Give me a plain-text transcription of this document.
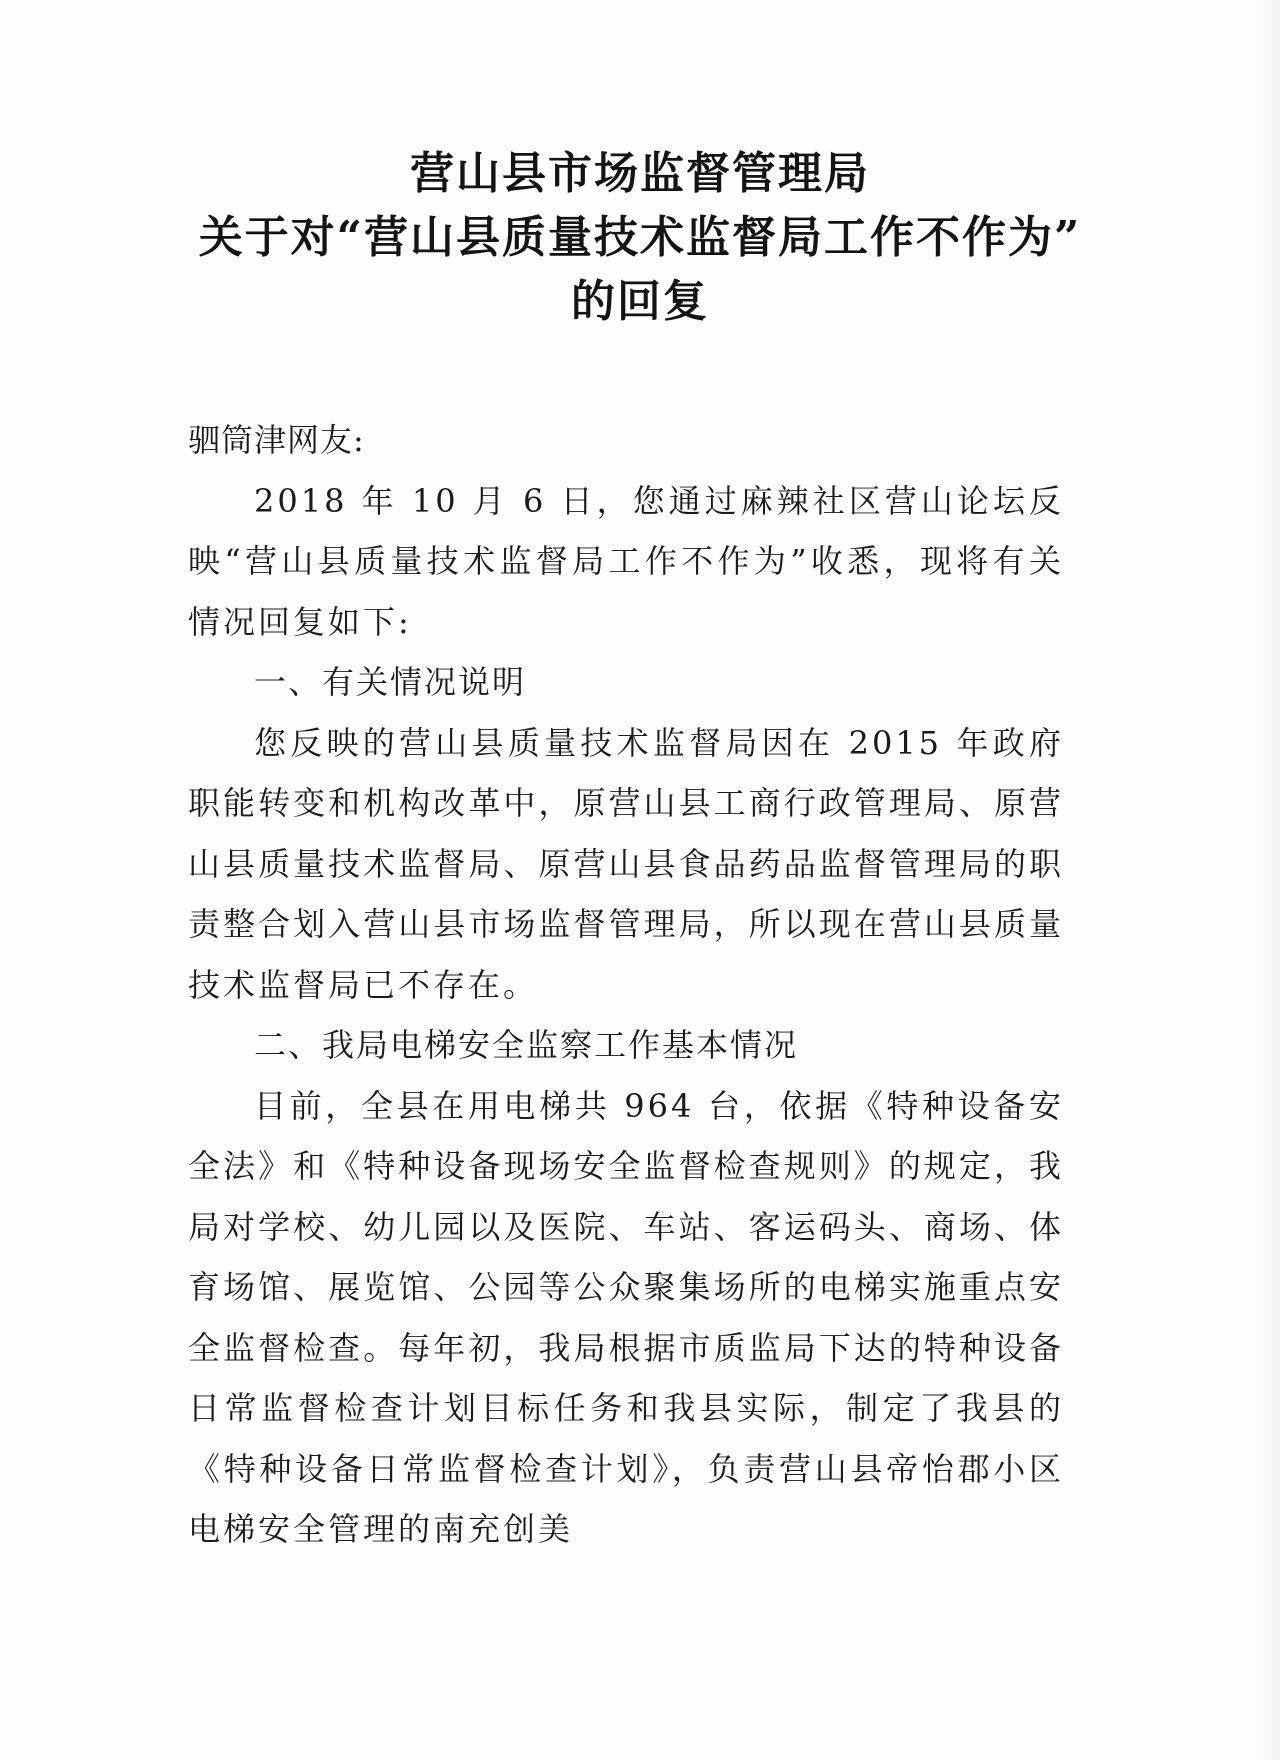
营山县市场监督管理局
关于对“营山县质量技术监督局工作不作为”
的回复

驷筒津网友:

2018 年 10 月 6 日，您通过麻辣社区营山论坛反映“营山县质量技术监督局工作不作为”收悉，现将有关情况回复如下:

一、有关情况说明

您反映的营山县质量技术监督局因在 2015 年政府职能转变和机构改革中，原营山县工商行政管理局、原营山县质量技术监督局、原营山县食品药品监督管理局的职责整合划入营山县市场监督管理局，所以现在营山县质量技术监督局已不存在。

二、我局电梯安全监察工作基本情况

目前，全县在用电梯共 964 台，依据《特种设备安全法》和《特种设备现场安全监督检查规则》的规定，我局对学校、幼儿园以及医院、车站、客运码头、商场、体育场馆、展览馆、公园等公众聚集场所的电梯实施重点安全监督检查。每年初，我局根据市质监局下达的特种设备日常监督检查计划目标任务和我县实际，制定了我县的《特种设备日常监督检查计划》，负责营山县帝怡郡小区电梯安全管理的南充创美
